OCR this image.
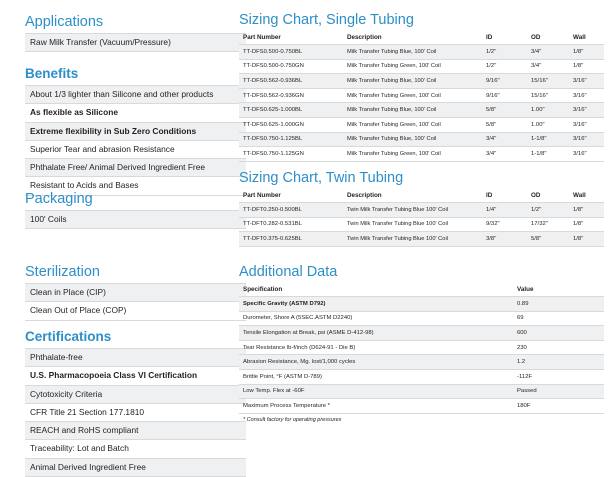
Applications
Raw Milk Transfer (Vacuum/Pressure)
Benefits
About 1/3 lighter than Silicone and other products
As flexible as Silicone
Extreme flexibility in Sub Zero Conditions
Superior Tear and abrasion Resistance
Phthalate Free/ Animal Derived Ingredient Free
Resistant to Acids and Bases
Packaging
100' Coils
Sterilization
Clean in Place (CIP)
Clean Out of Place (COP)
Certifications
Phthalate-free
U.S. Pharmacopoeia Class VI Certification
Cytotoxicity Criteria
CFR Title 21 Section 177.1810
REACH and RoHS compliant
Traceability: Lot and Batch
Animal Derived Ingredient Free
Sizing Chart, Single Tubing
Part Number	Description	ID	OD	Wall
TT-DFS0.500-0.750BL	Milk Transfer Tubing Blue, 100' Coil	1/2"	3/4"	1/8"
TT-DFS0.500-0.750GN	Milk Transfer Tubing Green, 100' Coil	1/2"	3/4"	1/8"
TT-DFS0.562-0.936BL	Milk Transfer Tubing Blue, 100' Coil	9/16"	15/16"	3/16"
TT-DFS0.562-0.936GN	Milk Transfer Tubing Green, 100' Coil	9/16"	15/16"	3/16"
TT-DFS0.625-1.000BL	Milk Transfer Tubing Blue, 100' Coil	5/8"	1.00"	3/16"
TT-DFS0.625-1.000GN	Milk Transfer Tubing Green, 100' Coil	5/8"	1.00"	3/16"
TT-DFS0.750-1.125BL	Milk Transfer Tubing Blue, 100' Coil	3/4"	1-1/8"	3/16"
TT-DFS0.750-1.125GN	Milk Transfer Tubing Green, 100' Coil	3/4"	1-1/8"	3/16"
Sizing Chart, Twin Tubing
Part Number	Description	ID	OD	Wall
TT-DFT0.250-0.500BL	Twin Milk Transfer Tubing Blue 100' Coil	1/4"	1/2"	1/8"
TT-DFT0.282-0.531BL	Twin Milk Transfer Tubing Blue 100' Coil	9/32"	17/32"	1/8"
TT-DFT0.375-0.625BL	Twin Milk Transfer Tubing Blue 100' Coil	3/8"	5/8"	1/8"
Additional Data
Specification	Value
Specific Gravity (ASTM D792)	0.89
Durometer, Shore A (5SEC.ASTM D2240)	69
Tensile Elongation at Break, psi (ASME D-412-98)	600
Tear Resistance lb-f/inch (D624-91 - Die B)	230
Abrasion Resistance, Mg. lost/1,000 cycles	1.2
Brittle Point, °F (ASTM D-789)	-112F
Low Temp. Flex at -60F	Passed
Maximum Process Temperature *	180F
* Consult factory for operating pressures
